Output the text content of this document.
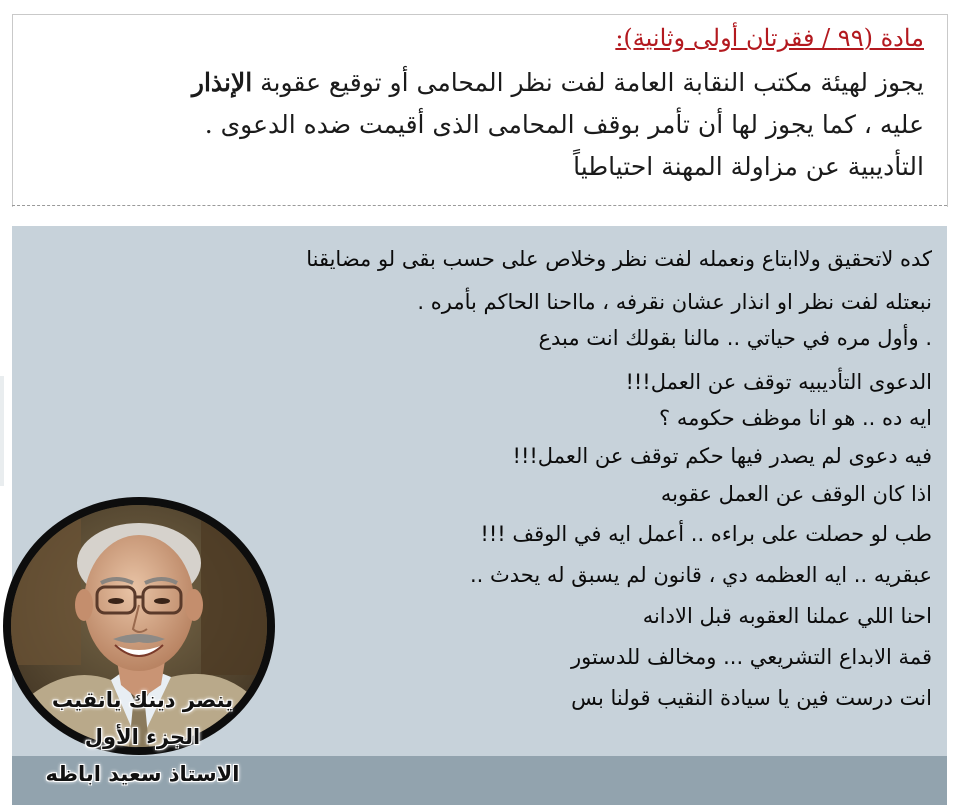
مادة (٩٩ / فقرتان أولى وثانية):
يجوز لهيئة مكتب النقابة العامة لفت نظر المحامى أو توقيع عقوبة الإنذار
عليه ، كما يجوز لها أن تأمر بوقف المحامى الذى أقيمت ضده الدعوى .
التأديبية عن مزاولة المهنة احتياطياً
كده لاتحقيق ولاابتاع ونعمله لفت نظر وخلاص على حسب بقى لو مضايقنا
نبعتله لفت نظر او انذار عشان نقرفه ، مااحنا الحاكم بأمره .
. وأول مره في حياتي .. مالنا بقولك انت مبدع
الدعوى التأديبيه توقف عن العمل!!!
ايه ده .. هو انا موظف حكومه ؟
فيه دعوى لم يصدر فيها حكم توقف عن العمل!!!
اذا كان الوقف عن العمل عقوبه
طب لو حصلت على براءه .. أعمل ايه في الوقف !!!
عبقريه .. ايه العظمه دي ، قانون لم يسبق له يحدث ..
احنا اللي عملنا العقوبه قبل الادانه
قمة الابداع التشريعي ... ومخالف للدستور
انت درست فين يا سيادة النقيب قولنا بس
ينصر دينك يانقيب
الجزء الأول
الاستاذ سعيد اباظه
